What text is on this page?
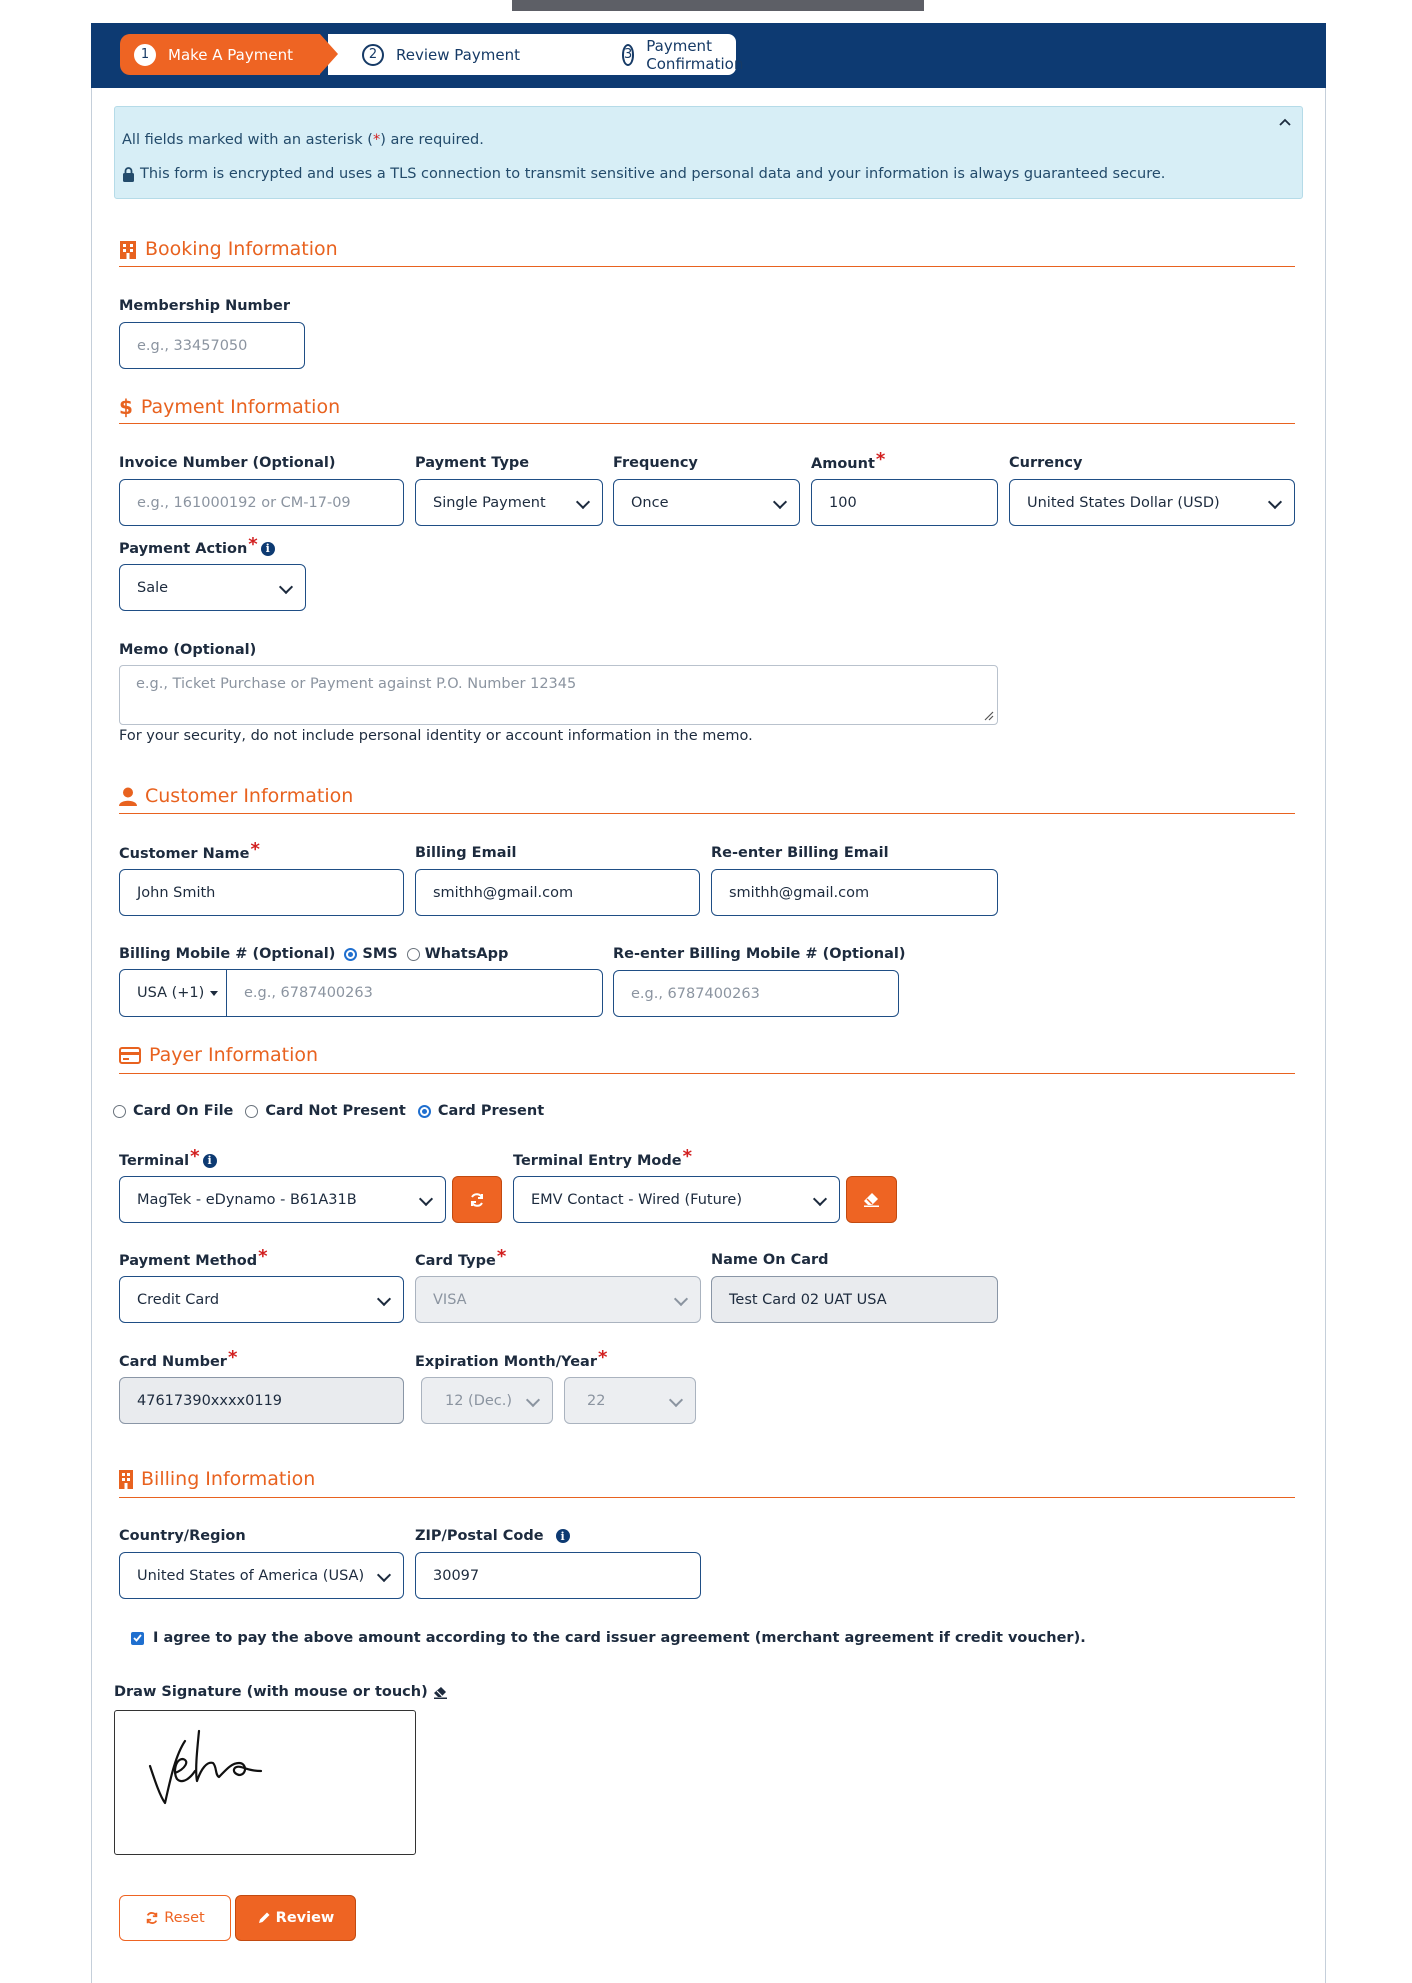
3 Payment Confirmation
2	Review Payment
1	Make A Payment
All fields marked with an asterisk (*) are required.
This form is encrypted and uses a TLS connection to transmit sensitive and personal data and your information is always guaranteed secure.
Booking Information
Membership Number
e.g., 33457050
$ Payment Information
Invoice Number (Optional)
e.g., 161000192 or CM-17-09
Payment Type
Single Payment
Frequency
Once
Amount *
100
Currency
United States Dollar (USD)
Payment Action * i
Sale
Memo (Optional)
e.g., Ticket Purchase or Payment against P.O. Number 12345
For your security, do not include personal identity or account information in the memo.
Customer Information
Customer Name *
John Smith
Billing Email
smithh@gmail.com
Re-enter Billing Email
smithh@gmail.com
Billing Mobile # (Optional) SMS WhatsApp
USA (+1)	e.g., 6787400263
Re-enter Billing Mobile # (Optional)
e.g., 6787400263
Payer Information
Card On File Card Not Present Card Present
Terminal * i
MagTek - eDynamo - B61A31B
Terminal Entry Mode *
EMV Contact - Wired (Future)
Payment Method *
Credit Card
Card Type *
VISA
Name On Card
Test Card 02 UAT USA
Card Number *
47617390xxxx0119
Expiration Month/Year *
12 (Dec.)	22
Billing Information
Country/Region
United States of America (USA)
ZIP/Postal Code	i
30097
I agree to pay the above amount according to the card issuer agreement (merchant agreement if credit voucher).
Draw Signature (with mouse or touch)
Reset	Review
